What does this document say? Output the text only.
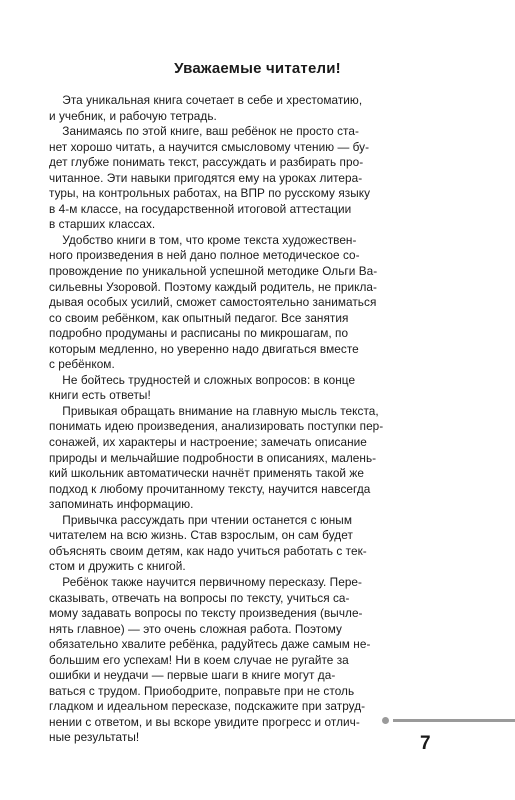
Уважаемые читатели!
Эта уникальная книга сочетает в себе и хрестоматию,
и учебник, и рабочую тетрадь.
Занимаясь по этой книге, ваш ребёнок не просто ста-
нет хорошо читать, а научится смысловому чтению — бу-
дет глубже понимать текст, рассуждать и разбирать про-
читанное. Эти навыки пригодятся ему на уроках литера-
туры, на контрольных работах, на ВПР по русскому языку
в 4-м классе, на государственной итоговой аттестации
в старших классах.
Удобство книги в том, что кроме текста художествен-
ного произведения в ней дано полное методическое со-
провождение по уникальной успешной методике Ольги Ва-
сильевны Узоровой. Поэтому каждый родитель, не прикла-
дывая особых усилий, сможет самостоятельно заниматься
со своим ребёнком, как опытный педагог. Все занятия
подробно продуманы и расписаны по микрошагам, по
которым медленно, но уверенно надо двигаться вместе
с ребёнком.
Не бойтесь трудностей и сложных вопросов: в конце
книги есть ответы!
Привыкая обращать внимание на главную мысль текста,
понимать идею произведения, анализировать поступки пер-
сонажей, их характеры и настроение; замечать описание
природы и мельчайшие подробности в описаниях, малень-
кий школьник автоматически начнёт применять такой же
подход к любому прочитанному тексту, научится навсегда
запоминать информацию.
Привычка рассуждать при чтении останется с юным
читателем на всю жизнь. Став взрослым, он сам будет
объяснять своим детям, как надо учиться работать с тек-
стом и дружить с книгой.
Ребёнок также научится первичному пересказу. Пере-
сказывать, отвечать на вопросы по тексту, учиться са-
мому задавать вопросы по тексту произведения (вычле-
нять главное) — это очень сложная работа. Поэтому
обязательно хвалите ребёнка, радуйтесь даже самым не-
большим его успехам! Ни в коем случае не ругайте за
ошибки и неудачи — первые шаги в книге могут да-
ваться с трудом. Приободрите, поправьте при не столь
гладком и идеальном пересказе, подскажите при затруд-
нении с ответом, и вы вскоре увидите прогресс и отлич-
ные результаты!	7
